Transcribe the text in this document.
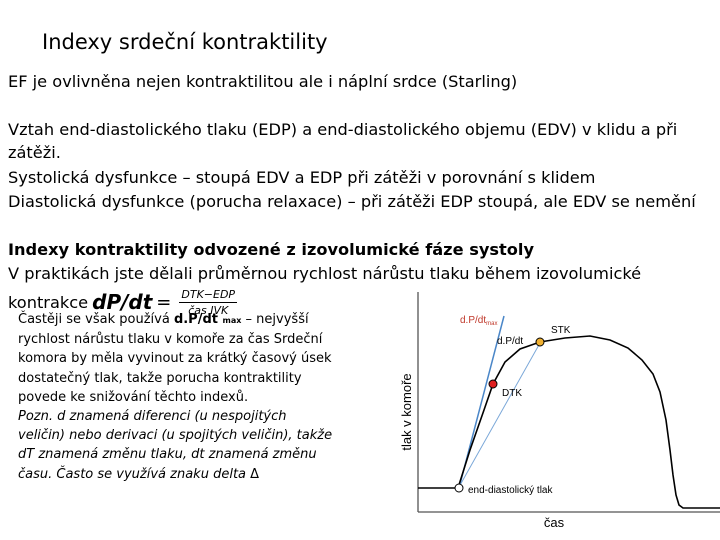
Indexy srdeční kontraktility
EF je ovlivněna nejen kontraktilitou ale i náplní srdce (Starling)
Vztah end-diastolického tlaku (EDP) a end-diastolického objemu (EDV) v klidu a při
zátěži.
Systolická dysfunkce – stoupá EDV a EDP při zátěži v porovnání s klidem
Diastolická dysfunkce (porucha relaxace) – při zátěži EDP stoupá, ale EDV se nemění
Indexy kontraktility odvozené z izovolumické fáze systoly
V praktikách jste dělali průměrnou rychlost nárůstu tlaku během izovolumické
kontrakce $dP/dt = \frac{\text{DTK−EDP}}{\text{čas IVK}}$
Častěji se však používá d.P/dt max – nejvyšší
rychlost nárůstu tlaku v komoře za čas Srdeční
komora by měla vyvinout za krátký časový úsek
dostatečný tlak, takže porucha kontraktility
povede ke snižování těchto indexů.
Pozn. d znamená diferenci (u nespojitých
veličin) nebo derivaci (u spojitých veličin), takže
dT znamená změnu tlaku, dt znamená změnu
času. Často se využívá znaku delta Δ
tlak v komoře
čas
$d.P/dt_{max}$
d.P/dt
STK
DTK
end-diastolický tlak
